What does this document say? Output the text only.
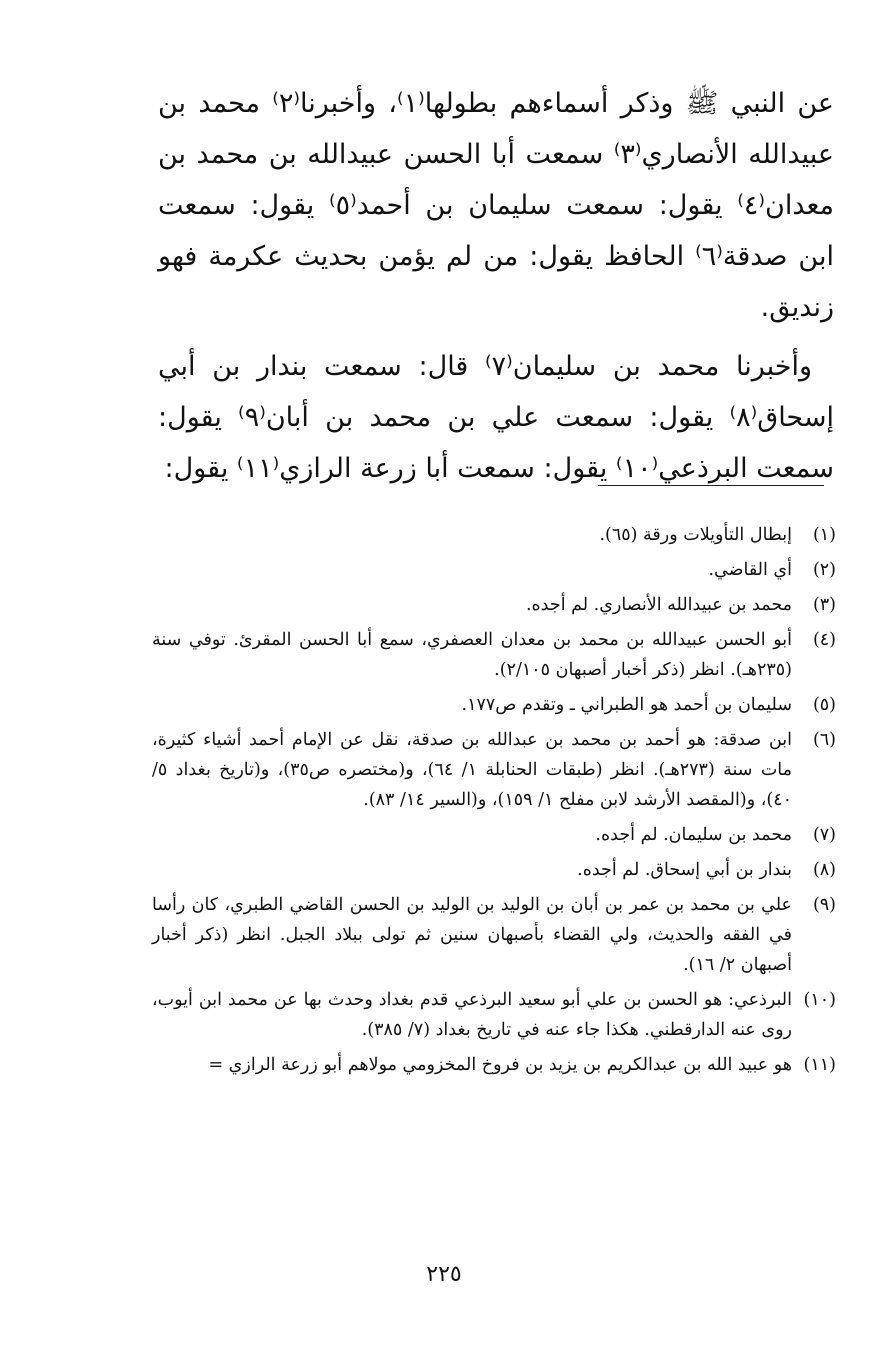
عن النبي ﷺ وذكر أسماءهم بطولها⁽١⁾، وأخبرنا⁽٢⁾ محمد بن عبيدالله الأنصاري⁽٣⁾ سمعت أبا الحسن عبيدالله بن محمد بن معدان⁽٤⁾ يقول: سمعت سليمان بن أحمد⁽٥⁾ يقول: سمعت ابن صدقة⁽٦⁾ الحافظ يقول: من لم يؤمن بحديث عكرمة فهو زنديق.

وأخبرنا محمد بن سليمان⁽٧⁾ قال: سمعت بندار بن أبي إسحاق⁽٨⁾ يقول: سمعت علي بن محمد بن أبان⁽٩⁾ يقول: سمعت البرذعي⁽١٠⁾ يقول: سمعت أبا زرعة الرازي⁽١١⁾ يقول:

(١)
إبطال التأويلات ورقة (٦٥).
(٢)
أي القاضي.
(٣)
محمد بن عبيدالله الأنصاري. لم أجده.
(٤)
أبو الحسن عبيدالله بن محمد بن معدان العصفري، سمع أبا الحسن المقرئ. توفي سنة (٢٣٥هـ). انظر (ذكر أخبار أصبهان ٢/١٠٥).
(٥)
سليمان بن أحمد هو الطبراني ـ وتقدم ص١٧٧.
(٦)
ابن صدقة: هو أحمد بن محمد بن عبدالله بن صدقة، نقل عن الإمام أحمد أشياء كثيرة، مات سنة (٢٧٣هـ). انظر (طبقات الحنابلة ١/ ٦٤)، و(مختصره ص٣٥)، و(تاريخ بغداد ٥/ ٤٠)، و(المقصد الأرشد لابن مفلح ١/ ١٥٩)، و(السير ١٤/ ٨٣).
(٧)
محمد بن سليمان. لم أجده.
(٨)
بندار بن أبي إسحاق. لم أجده.
(٩)
علي بن محمد بن عمر بن أبان بن الوليد بن الوليد بن الحسن القاضي الطبري، كان رأسا في الفقه والحديث، ولي القضاء بأصبهان سنين ثم تولى ببلاد الجبل. انظر (ذكر أخبار أصبهان ٢/ ١٦).
(١٠)
البرذعي: هو الحسن بن علي أبو سعيد البرذعي قدم بغداد وحدث بها عن محمد ابن أيوب، روى عنه الدارقطني. هكذا جاء عنه في تاريخ بغداد (٧/ ٣٨٥).
(١١)
هو عبيد الله بن عبدالكريم بن يزيد بن فروخ المخزومي مولاهم أبو زرعة الرازي =
٢٢٥
